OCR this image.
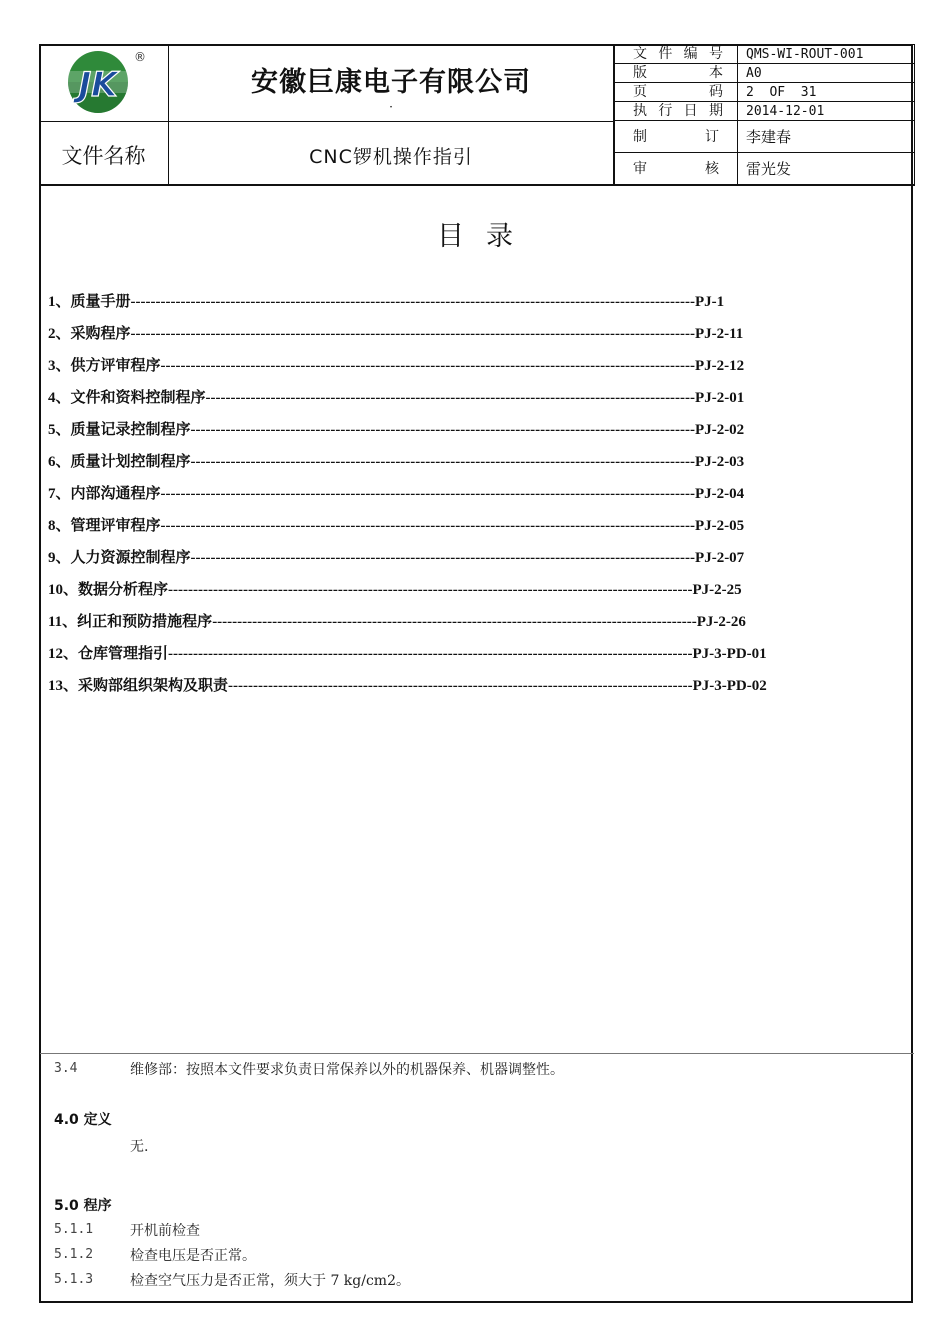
JK
®
安徽巨康电子有限公司
·
文件名称	CNC锣机操作指引
文件编号	QMS-WI-ROUT-001
版本	A0
页码	2  OF  31
执行日期	2014-12-01
制订	李建春
审核	雷光发
目录
1、质量手册-----------------------------------------------------------------------------------------------------------------PJ-1
2、采购程序-----------------------------------------------------------------------------------------------------------------PJ-2-11
3、供方评审程序-----------------------------------------------------------------------------------------------------------PJ-2-12
4、文件和资料控制程序--------------------------------------------------------------------------------------------------PJ-2-01
5、质量记录控制程序-----------------------------------------------------------------------------------------------------PJ-2-02
6、质量计划控制程序-----------------------------------------------------------------------------------------------------PJ-2-03
7、内部沟通程序-----------------------------------------------------------------------------------------------------------PJ-2-04
8、管理评审程序-----------------------------------------------------------------------------------------------------------PJ-2-05
9、人力资源控制程序-----------------------------------------------------------------------------------------------------PJ-2-07
10、数据分析程序---------------------------------------------------------------------------------------------------------PJ-2-25
11、纠正和预防措施程序-------------------------------------------------------------------------------------------------PJ-2-26
12、仓库管理指引---------------------------------------------------------------------------------------------------------PJ-3-PD-01
13、采购部组织架构及职责---------------------------------------------------------------------------------------------PJ-3-PD-02
3.4	维修部：按照本文件要求负责日常保养以外的机器保养、机器调整性。
4.0 定义
无.
5.0 程序
5.1.1	开机前检查
5.1.2	检查电压是否正常。
5.1.3	检查空气压力是否正常，须大于 7 kg/cm2。
